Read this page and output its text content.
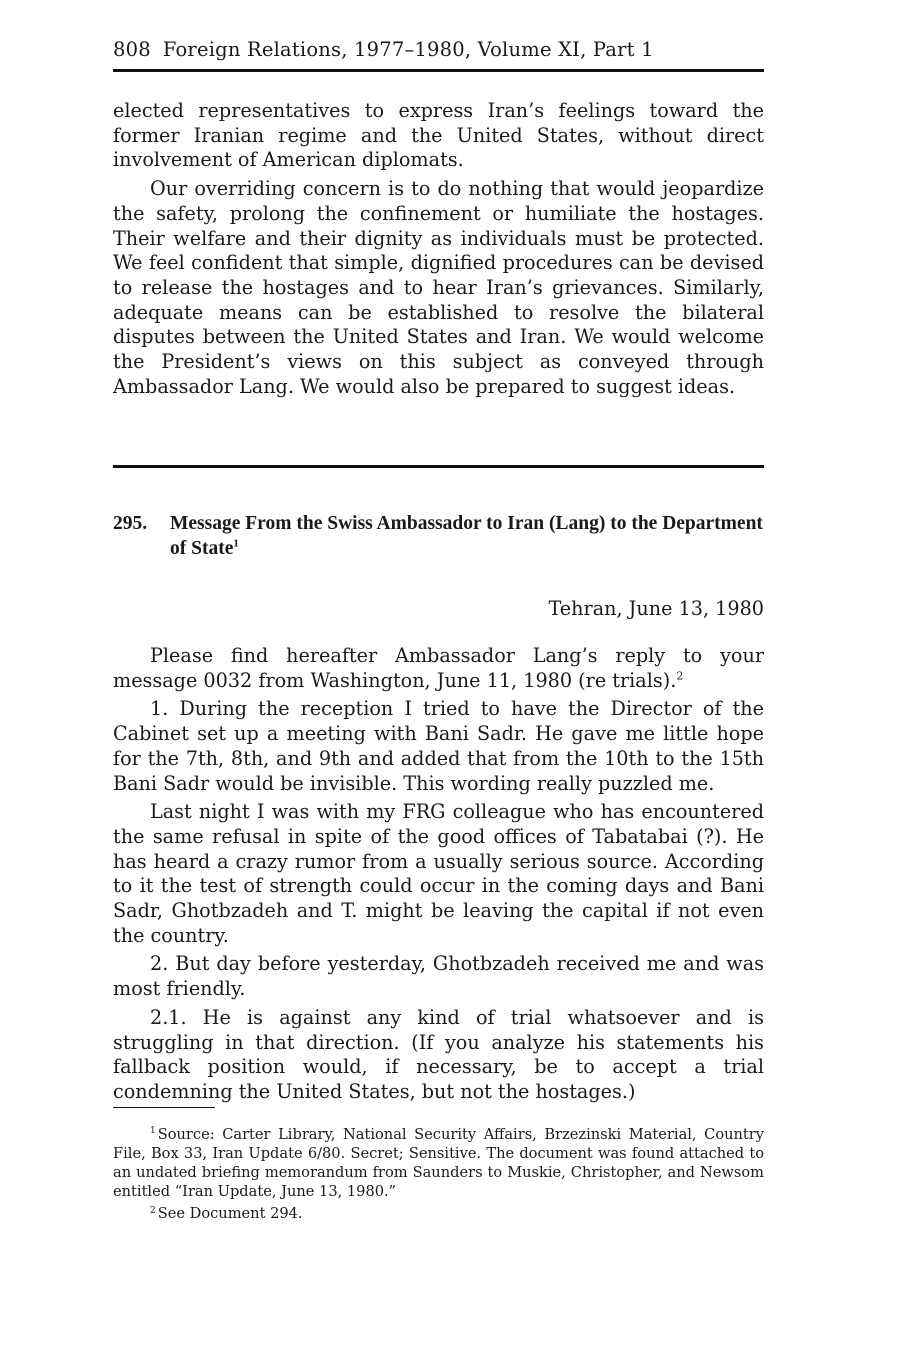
808 Foreign Relations, 1977–1980, Volume XI, Part 1

elected representatives to express Iran’s feelings toward the former Iranian regime and the United States, without direct involvement of American diplomats.

Our overriding concern is to do nothing that would jeopardize the safety, prolong the confinement or humiliate the hostages. Their welfare and their dignity as individuals must be protected. We feel confident that simple, dignified procedures can be devised to release the hostages and to hear Iran’s grievances. Similarly, adequate means can be established to resolve the bilateral disputes between the United States and Iran. We would welcome the President’s views on this subject as conveyed through Ambassador Lang. We would also be prepared to suggest ideas.

295.	Message From the Swiss Ambassador to Iran (Lang) to the Department of State$^1$
Tehran, June 13, 1980

Please find hereafter Ambassador Lang’s reply to your message 0032 from Washington, June 11, 1980 (re trials).$^2$

1. During the reception I tried to have the Director of the Cabinet set up a meeting with Bani Sadr. He gave me little hope for the 7th, 8th, and 9th and added that from the 10th to the 15th Bani Sadr would be invisible. This wording really puzzled me.

Last night I was with my FRG colleague who has encountered the same refusal in spite of the good offices of Tabatabai (?). He has heard a crazy rumor from a usually serious source. According to it the test of strength could occur in the coming days and Bani Sadr, Ghotbzadeh and T. might be leaving the capital if not even the country.

2. But day before yesterday, Ghotbzadeh received me and was most friendly.

2.1. He is against any kind of trial whatsoever and is struggling in that direction. (If you analyze his statements his fallback position would, if necessary, be to accept a trial condemning the United States, but not the hostages.)

$^1$ Source: Carter Library, National Security Affairs, Brzezinski Material, Country File, Box 33, Iran Update 6/80. Secret; Sensitive. The document was found attached to an undated briefing memorandum from Saunders to Muskie, Christopher, and Newsom entitled “Iran Update, June 13, 1980.”

$^2$ See Document 294.
